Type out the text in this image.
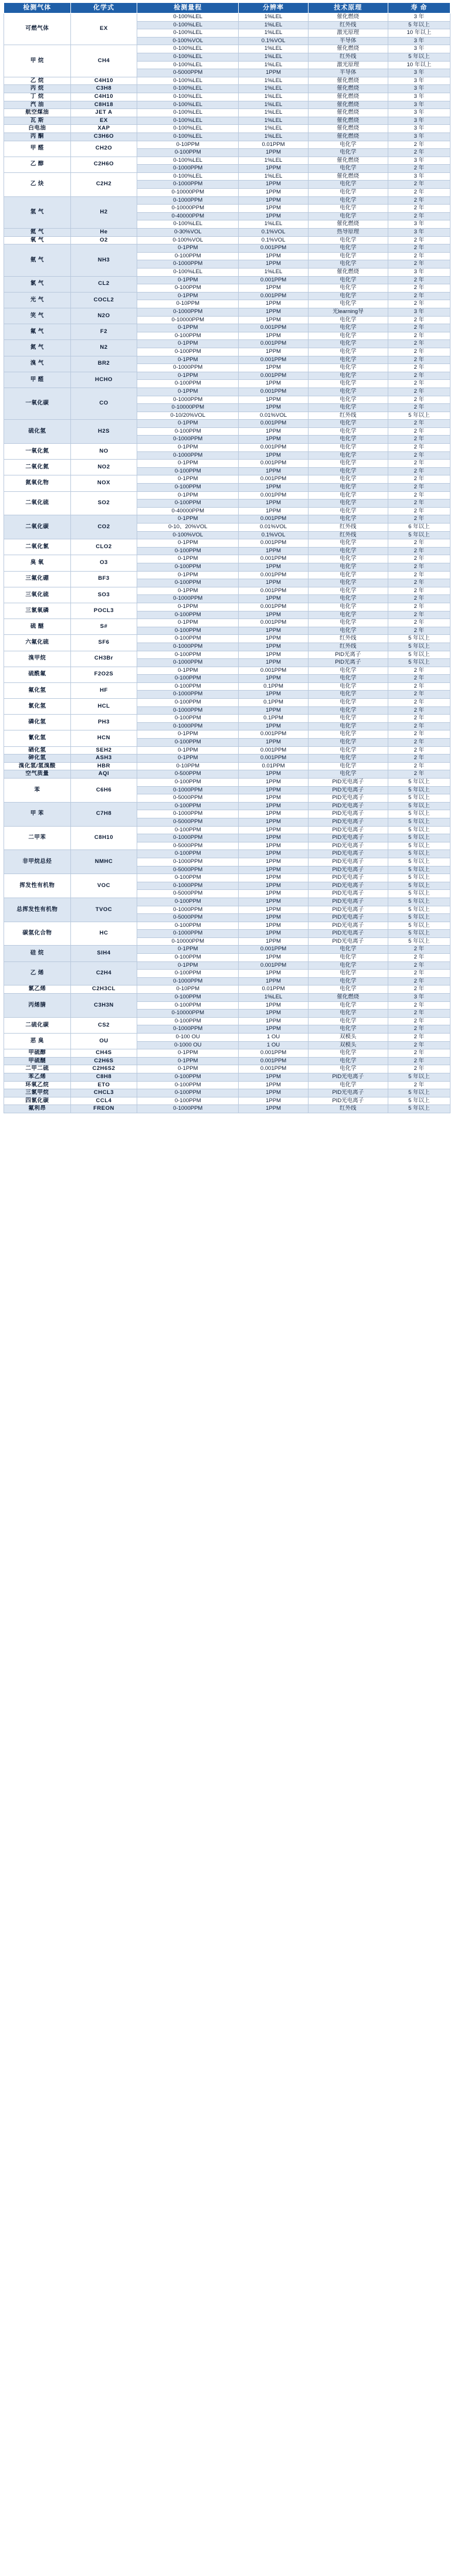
检测气体	化学式	检测量程	分辨率	技术原理	寿 命
可燃气体	EX	0-100%LEL	1%LEL	催化燃烧	3 年
		0-100%LEL	1%LEL	红外线	5 年以上
		0-100%LEL	1%LEL	激光原理	10 年以上
		0-100%VOL	0.1%VOL	半导体	3 年
甲 烷	CH4	0-100%LEL	1%LEL	催化燃烧	3 年
		0-100%LEL	1%LEL	红外线	5 年以上
		0-100%LEL	1%LEL	激光原理	10 年以上
		0-5000PPM	1PPM	半导体	3 年
乙 烷	C4H10	0-100%LEL	1%LEL	催化燃烧	3 年
丙 烷	C3H8	0-100%LEL	1%LEL	催化燃烧	3 年
丁 烷	C4H10	0-100%LEL	1%LEL	催化燃烧	3 年
汽 油	C8H18	0-100%LEL	1%LEL	催化燃烧	3 年
航空煤油	JET A	0-100%LEL	1%LEL	催化燃烧	3 年
瓦 斯	EX	0-100%LEL	1%LEL	催化燃烧	3 年
白电油	XAP	0-100%LEL	1%LEL	催化燃烧	3 年
丙 酮	C3H6O	0-100%LEL	1%LEL	催化燃烧	3 年
甲 醛	CH2O	0-10PPM	0.01PPM	电化学	2 年
		0-100PPM	1PPM	电化学	2 年
乙 醇	C2H6O	0-100%LEL	1%LEL	催化燃烧	3 年
		0-1000PPM	1PPM	电化学	2 年
乙 炔	C2H2	0-100%LEL	1%LEL	催化燃烧	3 年
		0-1000PPM	1PPM	电化学	2 年
		0-10000PPM	1PPM	电化学	2 年
氢 气	H2	0-1000PPM	1PPM	电化学	2 年
		0-10000PPM	1PPM	电化学	2 年
		0-40000PPM	1PPM	电化学	2 年
		0-100%LEL	1%LEL	催化燃烧	3 年
氦 气	He	0-30%VOL	0.1%VOL	热导原理	3 年
氧 气	O2	0-100%VOL	0.1%VOL	电化学	2 年
氨 气	NH3	0-1PPM	0.001PPM	电化学	2 年
		0-100PPM	1PPM	电化学	2 年
		0-1000PPM	1PPM	电化学	2 年
		0-100%LEL	1%LEL	催化燃烧	3 年
氯 气	CL2	0-1PPM	0.001PPM	电化学	2 年
		0-100PPM	1PPM	电化学	2 年
光 气	COCL2	0-1PPM	0.001PPM	电化学	2 年
		0-10PPM	1PPM	电化学	2 年
笑 气	N2O	0-1000PPM	1PPM	光learning导	3 年
		0-10000PPM	1PPM	电化学	2 年
氟 气	F2	0-1PPM	0.001PPM	电化学	2 年
		0-100PPM	1PPM	电化学	2 年
氮 气	N2	0-1PPM	0.001PPM	电化学	2 年
		0-100PPM	1PPM	电化学	2 年
溴 气	BR2	0-1PPM	0.001PPM	电化学	2 年
		0-1000PPM	1PPM	电化学	2 年
甲 醛	HCHO	0-1PPM	0.001PPM	电化学	2 年
		0-100PPM	1PPM	电化学	2 年
一氧化碳	CO	0-1PPM	0.001PPM	电化学	2 年
		0-1000PPM	1PPM	电化学	2 年
		0-10000PPM	1PPM	电化学	2 年
		0-10/20%VOL	0.01%VOL	红外线	5 年以上
硫化氢	H2S	0-1PPM	0.001PPM	电化学	2 年
		0-100PPM	1PPM	电化学	2 年
		0-1000PPM	1PPM	电化学	2 年
一氧化氮	NO	0-1PPM	0.001PPM	电化学	2 年
		0-1000PPM	1PPM	电化学	2 年
二氧化氮	NO2	0-1PPM	0.001PPM	电化学	2 年
		0-100PPM	1PPM	电化学	2 年
氮氧化物	NOX	0-1PPM	0.001PPM	电化学	2 年
		0-100PPM	1PPM	电化学	2 年
二氧化硫	SO2	0-1PPM	0.001PPM	电化学	2 年
		0-100PPM	1PPM	电化学	2 年
		0-40000PPM	1PPM	电化学	2 年
二氧化碳	CO2	0-1PPM	0.001PPM	电化学	2 年
		0-10、20%VOL	0.01%VOL	红外线	6 年以上
		0-100%VOL	0.1%VOL	红外线	5 年以上
二氧化氯	CLO2	0-1PPM	0.001PPM	电化学	2 年
		0-100PPM	1PPM	电化学	2 年
臭 氧	O3	0-1PPM	0.001PPM	电化学	2 年
		0-100PPM	1PPM	电化学	2 年
三氟化硼	BF3	0-1PPM	0.001PPM	电化学	2 年
		0-100PPM	1PPM	电化学	2 年
三氧化硫	SO3	0-1PPM	0.001PPM	电化学	2 年
		0-1000PPM	1PPM	电化学	2 年
三氯氧磷	POCL3	0-1PPM	0.001PPM	电化学	2 年
		0-100PPM	1PPM	电化学	2 年
硫 醚	S#	0-1PPM	0.001PPM	电化学	2 年
		0-100PPM	1PPM	电化学	2 年
六氟化硫	SF6	0-100PPM	1PPM	红外线	5 年以上
		0-1000PPM	1PPM	红外线	5 年以上
溴甲烷	CH3Br	0-100PPM	1PPM	PID光离子	5 年以上
		0-1000PPM	1PPM	PID光离子	5 年以上
硫酰氟	F2O2S	0-1PPM	0.001PPM	电化学	2 年
		0-100PPM	1PPM	电化学	2 年
氟化氢	HF	0-100PPM	0.1PPM	电化学	2 年
		0-1000PPM	1PPM	电化学	2 年
氯化氢	HCL	0-100PPM	0.1PPM	电化学	2 年
		0-1000PPM	1PPM	电化学	2 年
磷化氢	PH3	0-100PPM	0.1PPM	电化学	2 年
		0-1000PPM	1PPM	电化学	2 年
氰化氢	HCN	0-1PPM	0.001PPM	电化学	2 年
		0-100PPM	1PPM	电化学	2 年
硒化氢	SEH2	0-1PPM	0.001PPM	电化学	2 年
砷化氢	ASH3	0-1PPM	0.001PPM	电化学	2 年
溴化氢/氢溴酸	HBR	0-10PPM	0.01PPM	电化学	2 年
空气质量	AQI	0-500PPM	1PPM	电化学	2 年
苯	C6H6	0-100PPM	1PPM	PID光电离子	5 年以上
		0-1000PPM	1PPM	PID光电离子	5 年以上
		0-5000PPM	1PPM	PID光电离子	5 年以上
甲 苯	C7H8	0-100PPM	1PPM	PID光电离子	5 年以上
		0-1000PPM	1PPM	PID光电离子	5 年以上
		0-5000PPM	1PPM	PID光电离子	5 年以上
二甲苯	C8H10	0-100PPM	1PPM	PID光电离子	5 年以上
		0-1000PPM	1PPM	PID光电离子	5 年以上
		0-5000PPM	1PPM	PID光电离子	5 年以上
非甲烷总烃	NMHC	0-100PPM	1PPM	PID光电离子	5 年以上
		0-1000PPM	1PPM	PID光电离子	5 年以上
		0-5000PPM	1PPM	PID光电离子	5 年以上
挥发性有机物	VOC	0-100PPM	1PPM	PID光电离子	5 年以上
		0-1000PPM	1PPM	PID光电离子	5 年以上
		0-5000PPM	1PPM	PID光电离子	5 年以上
总挥发性有机物	TVOC	0-100PPM	1PPM	PID光电离子	5 年以上
		0-1000PPM	1PPM	PID光电离子	5 年以上
		0-5000PPM	1PPM	PID光电离子	5 年以上
碳氢化合物	HC	0-100PPM	1PPM	PID光电离子	5 年以上
		0-1000PPM	1PPM	PID光电离子	5 年以上
		0-10000PPM	1PPM	PID光电离子	5 年以上
硅 烷	SIH4	0-1PPM	0.001PPM	电化学	2 年
		0-100PPM	1PPM	电化学	2 年
乙 烯	C2H4	0-1PPM	0.001PPM	电化学	2 年
		0-100PPM	1PPM	电化学	2 年
		0-1000PPM	1PPM	电化学	2 年
氯乙烯	C2H3CL	0-10PPM	0.01PPM	电化学	2 年
丙烯腈	C3H3N	0-100PPM	1%LEL	催化燃烧	3 年
		0-100PPM	1PPM	电化学	2 年
		0-10000PPM	1PPM	电化学	2 年
二硫化碳	CS2	0-100PPM	1PPM	电化学	2 年
		0-1000PPM	1PPM	电化学	2 年
恶 臭	OU	0-100 OU	1 OU	双模头	2 年
		0-1000 OU	1 OU	双模头	2 年
甲硫醇	CH4S	0-1PPM	0.001PPM	电化学	2 年
甲硫醚	C2H6S	0-1PPM	0.001PPM	电化学	2 年
二甲二硫	C2H6S2	0-1PPM	0.001PPM	电化学	2 年
苯乙烯	C8H8	0-100PPM	1PPM	PID光电离子	5 年以上
环氧乙烷	ETO	0-100PPM	1PPM	电化学	2 年
三氯甲烷	CHCL3	0-100PPM	1PPM	PID光电离子	5 年以上
四氯化碳	CCL4	0-100PPM	1PPM	PID光电离子	5 年以上
氟利昂	FREON	0-1000PPM	1PPM	红外线	5 年以上
